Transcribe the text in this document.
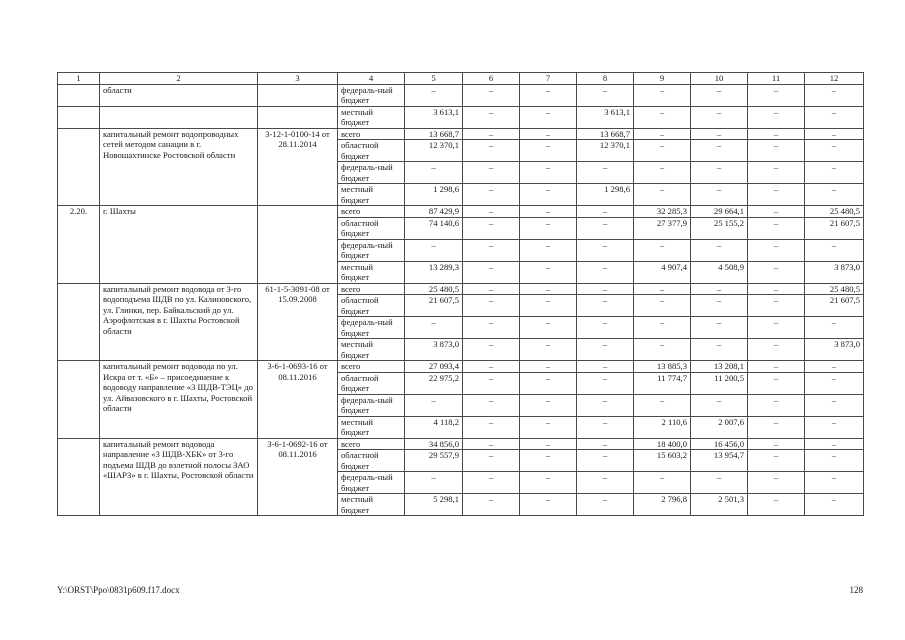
1	2	3	4	5	6	7	8	9	10	11	12
	области		федераль-ный бюджет	–	–	–	–	–	–	–	–
			местный бюджет	3 613,1	–	–	3 613,1	–	–	–	–
	капитальный ремонт водопроводных сетей методом санации в г. Новошахтинске Ростовской области	3-12-1-0100-14 от 28.11.2014	всего	13 668,7	–	–	13 668,7	–	–	–	–
			областной бюджет	12 370,1	–	–	12 370,1	–	–	–	–
			федераль-ный бюджет	–	–	–	–	–	–	–	–
			местный бюджет	1 298,6	–	–	1 298,6	–	–	–	–
2.20.	г. Шахты		всего	87 429,9	–	–	–	32 285,3	29 664,1	–	25 480,5
			областной бюджет	74 140,6	–	–	–	27 377,9	25 155,2	–	21 607,5
			федераль-ный бюджет	–	–	–	–	–	–	–	–
			местный бюджет	13 289,3	–	–	–	4 907,4	4 508,9	–	3 873,0
	капитальный ремонт водовода от 3-го водоподъема ШДВ по ул. Калиновского, ул. Глинки, пер. Байкальский до ул. Аэрофлотская в г. Шахты Ростовской области	61-1-5-3091-08 от 15.09.2008	всего	25 480,5	–	–	–	–	–	–	25 480,5
			областной бюджет	21 607,5	–	–	–	–	–	–	21 607,5
			федераль-ный бюджет	–	–	–	–	–	–	–	–
			местный бюджет	3 873,0	–	–	–	–	–	–	3 873,0
	капитальный ремонт водовода по ул. Искра от т. «Б» – присоединение к водоводу направление «3 ШДВ-ТЭЦ» до ул. Айвазовского в г. Шахты, Ростовской области	3-6-1-0693-16 от 08.11.2016	всего	27 093,4	–	–	–	13 885,3	13 208,1	–	–
			областной бюджет	22 975,2	–	–	–	11 774,7	11 200,5	–	–
			федераль-ный бюджет	–	–	–	–	–	–	–	–
			местный бюджет	4 118,2	–	–	–	2 110,6	2 007,6	–	–
	капитальный ремонт водовода направление «3 ШДВ-ХБК» от 3-го подъема ШДВ до взлетной полосы ЗАО «ШАРЗ» в г. Шахты, Ростовской области	3-6-1-0692-16 от 08.11.2016	всего	34 856,0	–	–	–	18 400,0	16 456,0	–	–
			областной бюджет	29 557,9	–	–	–	15 603,2	13 954,7	–	–
			федераль-ный бюджет	–	–	–	–	–	–	–	–
			местный бюджет	5 298,1	–	–	–	2 796,8	2 501,3	–	–
Y:\ORST\Ppo\0831p609.f17.docx	128
